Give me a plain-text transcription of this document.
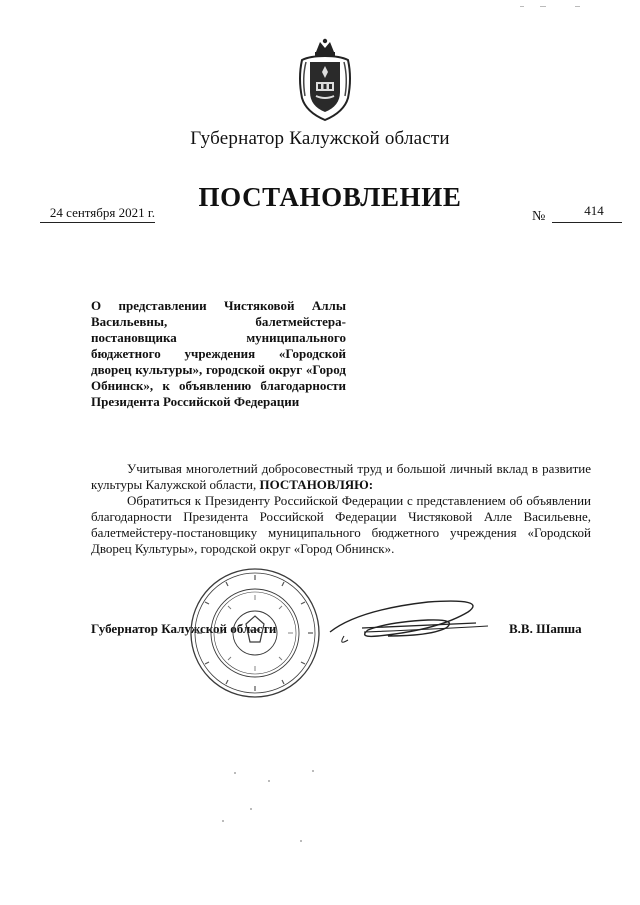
Губернатор Калужской области
ПОСТАНОВЛЕНИЕ
24 сентября 2021 г.	№	414
О представлении Чистяковой Аллы Васильевны, балетмейстера-постановщика муниципального бюджетного учреждения «Городской дворец культуры», городской округ «Город Обнинск», к объявлению благодарности Президента Российской Федерации

Учитывая многолетний добросовестный труд и большой личный вклад в развитие культуры Калужской области, ПОСТАНОВЛЯЮ:

Обратиться к Президенту Российской Федерации с представлением об объявлении благодарности Президента Российской Федерации Чистяковой Алле Васильевне, балетмейстеру-постановщику муниципального бюджетного учреждения «Городской Дворец Культуры», городской округ «Город Обнинск».

Губернатор Калужской области	В.В. Шапша
